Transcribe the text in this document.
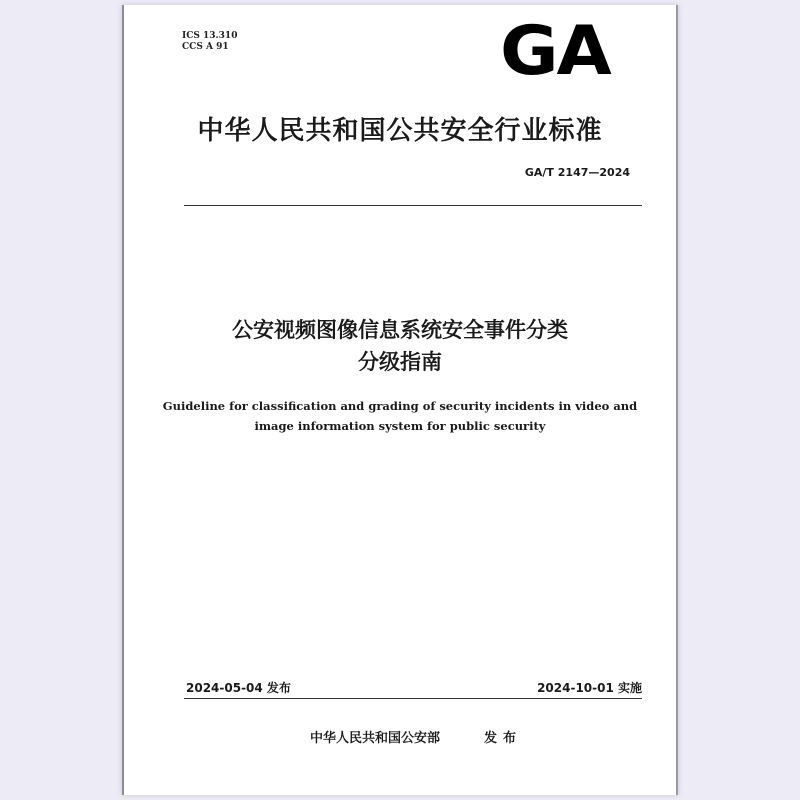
ICS 13.310
CCS A 91	GA
中华人民共和国公共安全行业标准
GA/T 2147—2024
公安视频图像信息系统安全事件分类
分级指南
Guideline for classification and grading of security incidents in video and
image information system for public security
2024-05-04 发布	2024-10-01 实施
中华人民共和国公安部	发布
